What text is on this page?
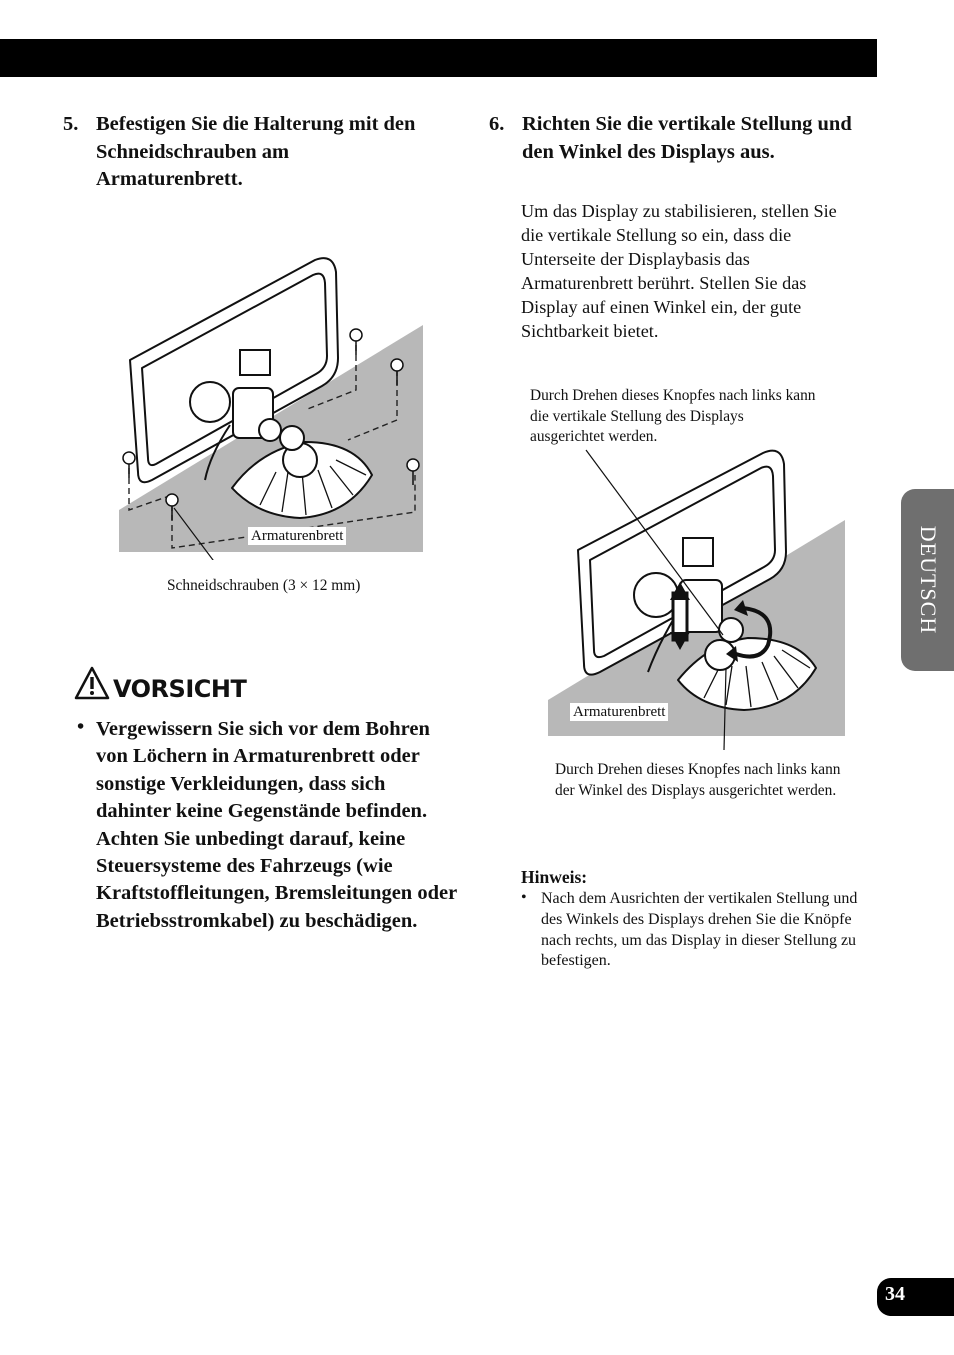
5. Befestigen Sie die Halterung mit den Schneidschrauben am Armaturenbrett.
Armaturenbrett
Schneidschrauben (3 × 12 mm)
VORSICHT
• Vergewissern Sie sich vor dem Bohren von Löchern in Armaturenbrett oder sonstige Verkleidungen, dass sich dahinter keine Gegenstände befinden. Achten Sie unbedingt darauf, keine Steuersysteme des Fahrzeugs (wie Kraftstoffleitungen, Bremsleitungen oder Betriebsstromkabel) zu beschädigen.
6. Richten Sie die vertikale Stellung und den Winkel des Displays aus.
Um das Display zu stabilisieren, stellen Sie die vertikale Stellung so ein, dass die Unterseite der Displaybasis das Armaturenbrett berührt. Stellen Sie das Display auf einen Winkel ein, der gute Sichtbarkeit bietet.
Durch Drehen dieses Knopfes nach links kann die vertikale Stellung des Displays ausgerichtet werden.
Armaturenbrett
Durch Drehen dieses Knopfes nach links kann der Winkel des Displays ausgerichtet werden.
Hinweis:
• Nach dem Ausrichten der vertikalen Stellung und des Winkels des Displays drehen Sie die Knöpfe nach rechts, um das Display in dieser Stellung zu befestigen.
DEUTSCH
34
